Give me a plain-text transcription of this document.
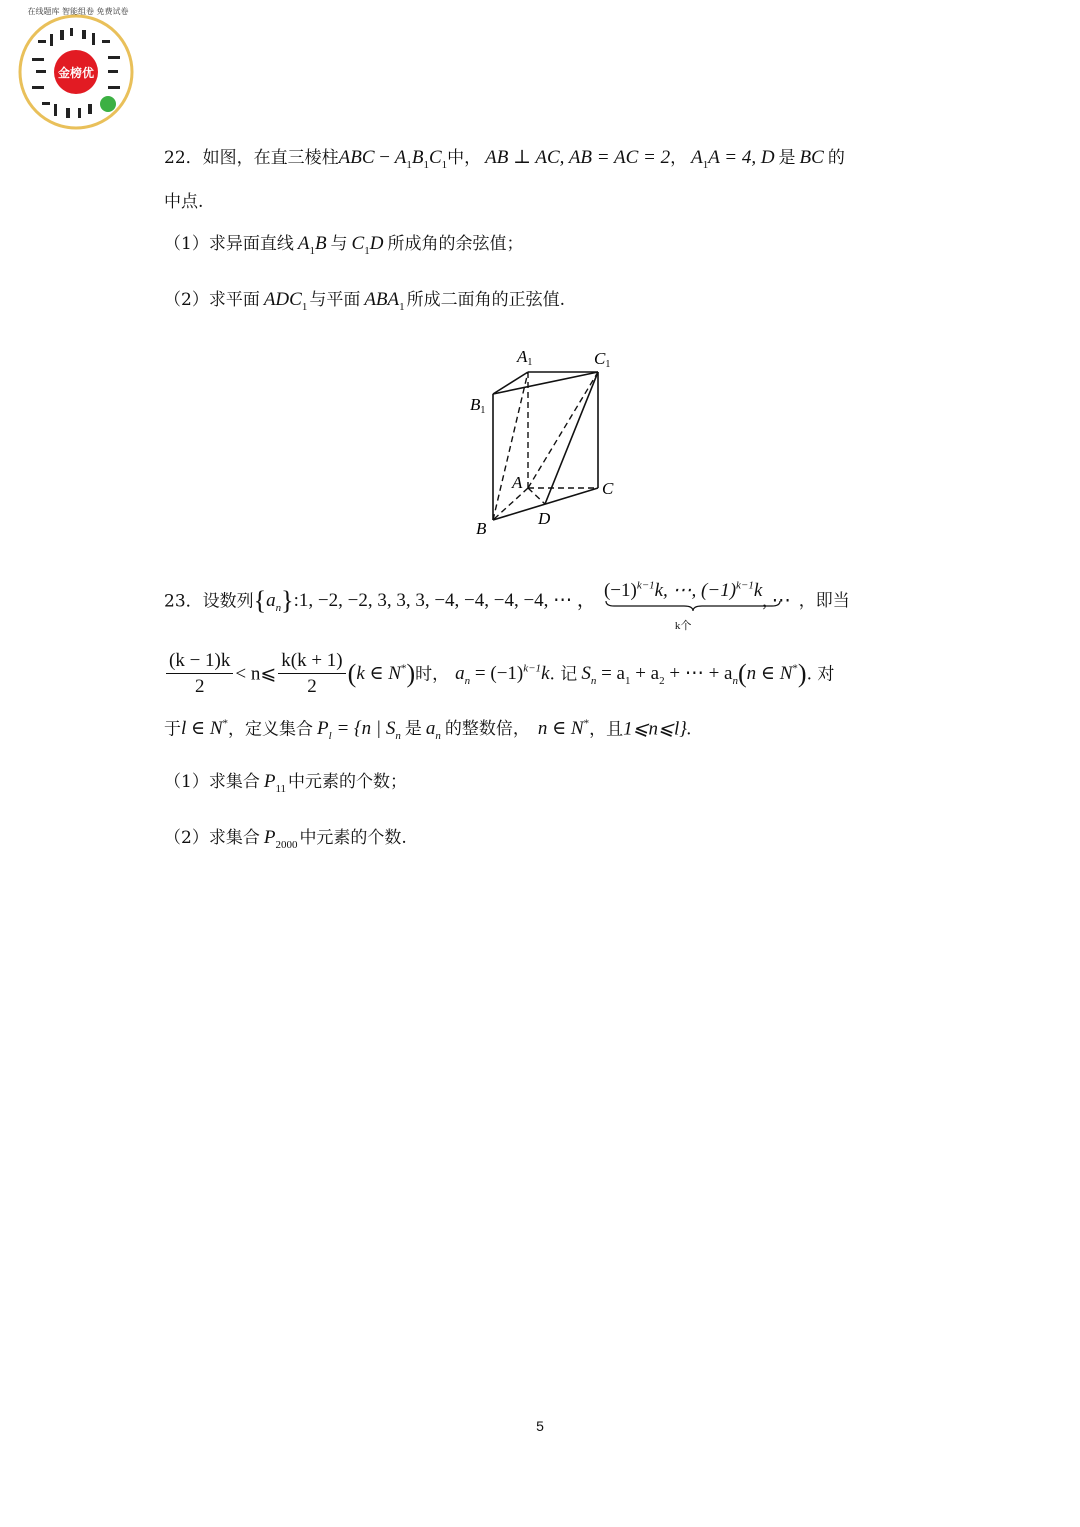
金榜优
在线题库 智能组卷 免费试卷
22．如图，在直三棱柱ABC − $A_1B_1C_1$中， AB ⊥ AC, AB = AC = 2， $A_1A = 4$, D 是 BC 的
中点.
（1）求异面直线 $A_1B$ 与 $C_1D$ 所成角的余弦值；
（2）求平面 $ADC_1$ 与平面 $ABA_1$ 所成二面角的正弦值.
A1	C1
B1
A	C
B
D
23．设数列$\{a_n\}:1$, −2, −2, 3, 3, 3, −4, −4, −4, −4, ⋯ ， $(-1)^{k-1}k$, ⋯, $(-1)^{k-1}k$
k个
, ⋯ ，即当
$\frac{(k - 1)k}{2}$ < n⩽ $\frac{k(k + 1)}{2} (k$ ∈ N*)时， $a_n = (-1)^{k-1}k$. 记 $S_n = a_1 + a_2$ + ⋯ + $a_n(n$ ∈ N*). 对
于l ∈ N*，定义集合 $P_l = \{n$ | $S_n$ 是 $a_n$ 的整数倍， n ∈ N*，且1⩽n⩽l}.
（1）求集合 $P_{11}$ 中元素的个数；
（2）求集合 $P_{2000}$ 中元素的个数.
5
